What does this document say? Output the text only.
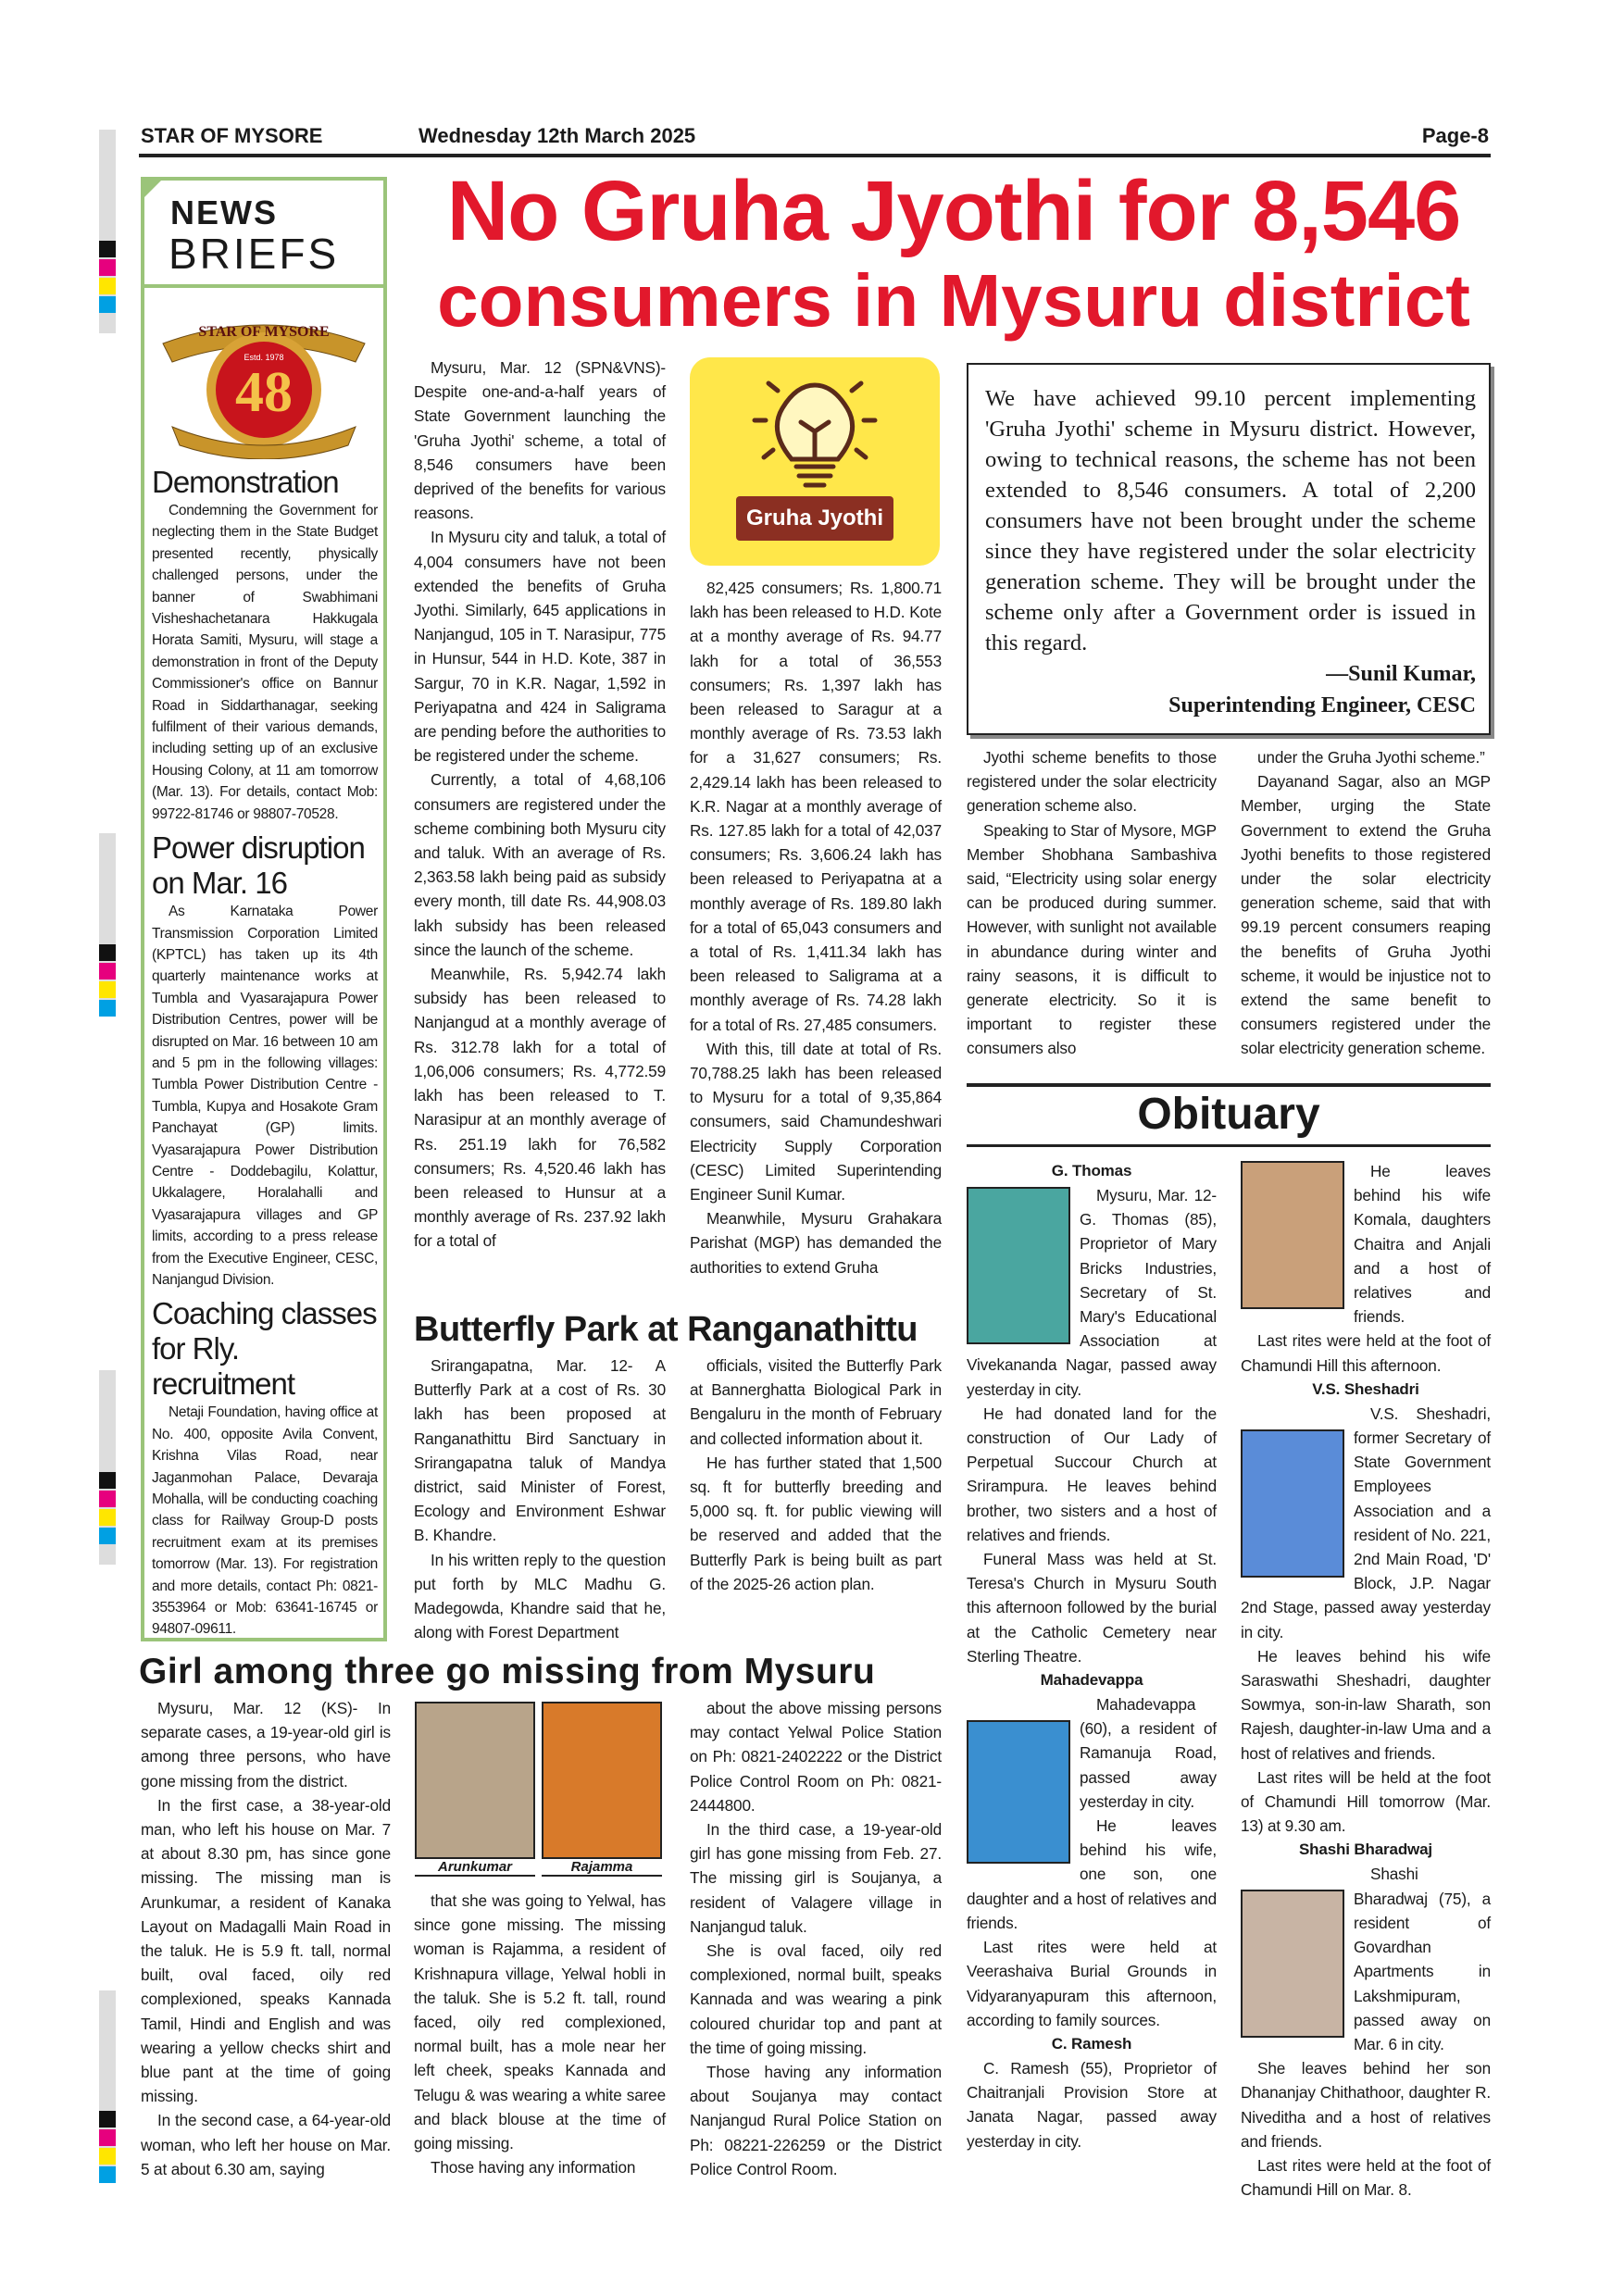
STAR OF MYSORE	Wednesday 12th March 2025	Page-8
NEWS
BRIEFS
48
Estd. 1978
STAR OF MYSORE
Demonstration

Condemning the Government for neglecting them in the State Budget presented recently, physically challenged persons, under the banner of Swabhimani Visheshachetanara Hakkugala Horata Samiti, Mysuru, will stage a demonstration in front of the Deputy Commissioner's office on Bannur Road in Siddarthanagar, seeking fulfilment of their various demands, including setting up of an exclusive Housing Colony, at 11 am tomorrow (Mar. 13). For details, contact Mob: 99722-81746 or 98807-70528.

Power disruption on Mar. 16

As Karnataka Power Transmission Corporation Limited (KPTCL) has taken up its 4th quarterly maintenance works at Tumbla and Vyasarajapura Power Distribution Centres, power will be disrupted on Mar. 16 between 10 am and 5 pm in the following villages: Tumbla Power Distribution Centre - Tumbla, Kupya and Hosakote Gram Panchayat (GP) limits. Vyasarajapura Power Distribution Centre - Doddebagilu, Kolattur, Ukkalagere, Horalahalli and Vyasarajapura villages and GP limits, according to a press release from the Executive Engineer, CESC, Nanjangud Division.

Coaching classes for Rly. recruitment

Netaji Foundation, having office at No. 400, opposite Avila Convent, Krishna Vilas Road, near Jaganmohan Palace, Devaraja Mohalla, will be conducting coaching class for Railway Group-D posts recruitment exam at its premises tomorrow (Mar. 13). For registration and more details, contact Ph: 0821-3553964 or Mob: 63641-16745 or 94807-09611.

No Gruha Jyothi for 8,546
consumers in Mysuru district

Mysuru, Mar. 12 (SPN&VNS)- Despite one-and-a-half years of State Government launching the 'Gruha Jyothi' scheme, a total of 8,546 consumers have been deprived of the benefits for various reasons.

In Mysuru city and taluk, a total of 4,004 consumers have not been extended the benefits of Gruha Jyothi. Similarly, 645 applications in Nanjangud, 105 in T. Narasipur, 775 in Hunsur, 544 in H.D. Kote, 387 in Sargur, 70 in K.R. Nagar, 1,592 in Periyapatna and 424 in Saligrama are pending before the authorities to be registered under the scheme.

Currently, a total of 4,68,106 consumers are registered under the scheme combining both Mysuru city and taluk. With an average of Rs. 2,363.58 lakh being paid as subsidy every month, till date Rs. 44,908.03 lakh subsidy has been released since the launch of the scheme.

Meanwhile, Rs. 5,942.74 lakh subsidy has been released to Nanjangud at a monthly average of Rs. 312.78 lakh for a total of 1,06,006 consumers; Rs. 4,772.59 lakh has been released to T. Narasipur at an monthly average of Rs. 251.19 lakh for 76,582 consumers; Rs. 4,520.46 lakh has been released to Hunsur at a monthly average of Rs. 237.92 lakh for a total of

Gruha Jyothi

82,425 consumers; Rs. 1,800.71 lakh has been released to H.D. Kote at a monthy average of Rs. 94.77 lakh for a total of 36,553 consumers; Rs. 1,397 lakh has been released to Saragur at a monthly average of Rs. 73.53 lakh for a 31,627 consumers; Rs. 2,429.14 lakh has been released to K.R. Nagar at a monthly average of Rs. 127.85 lakh for a total of 42,037 consumers; Rs. 3,606.24 lakh has been released to Periyapatna at a monthly average of Rs. 189.80 lakh for a total of 65,043 consumers and a total of Rs. 1,411.34 lakh has been released to Saligrama at a monthly average of Rs. 74.28 lakh for a total of Rs. 27,485 consumers.

With this, till date at total of Rs. 70,788.25 lakh has been released to Mysuru for a total of 9,35,864 consumers, said Chamundeshwari Electricity Supply Corporation (CESC) Limited Superintending Engineer Sunil Kumar.

Meanwhile, Mysuru Grahakara Parishat (MGP) has demanded the authorities to extend Gruha

We have achieved 99.10 percent implementing 'Gruha Jyothi' scheme in Mysuru district. However, owing to technical reasons, the scheme has not been extended to 8,546 consumers. A total of 2,200 consumers have not been brought under the scheme since they have registered under the solar electricity generation scheme. They will be brought under the scheme only after a Government order is issued in this regard.
—Sunil Kumar,
Superintending Engineer, CESC

Jyothi scheme benefits to those registered under the solar electricity generation scheme also.

Speaking to Star of Mysore, MGP Member Shobhana Sambashiva said, “Electricity using solar energy can be produced during summer. However, with sunlight not available in abundance during winter and rainy seasons, it is difficult to generate electricity. So it is important to register these consumers also

under the Gruha Jyothi scheme.”

Dayanand Sagar, also an MGP Member, urging the State Government to extend the Gruha Jyothi benefits to those registered under the solar electricity generation scheme, said that with 99.19 percent consumers reaping the benefits of Gruha Jyothi scheme, it would be injustice not to extend the same benefit to consumers registered under the solar electricity generation scheme.

Butterfly Park at Ranganathittu

Srirangapatna, Mar. 12- A Butterfly Park at a cost of Rs. 30 lakh has been proposed at Ranganathittu Bird Sanctuary in Srirangapatna taluk of Mandya district, said Minister of Forest, Ecology and Environment Eshwar B. Khandre.

In his written reply to the question put forth by MLC Madhu G. Madegowda, Khandre said that he, along with Forest Department

officials, visited the Butterfly Park at Bannerghatta Biological Park in Bengaluru in the month of February and collected information about it.

He has further stated that 1,500 sq. ft for butterfly breeding and 5,000 sq. ft. for public viewing will be reserved and added that the Butterfly Park is being built as part of the 2025-26 action plan.

Girl among three go missing from Mysuru

Mysuru, Mar. 12 (KS)- In separate cases, a 19-year-old girl is among three persons, who have gone missing from the district.

In the first case, a 38-year-old man, who left his house on Mar. 7 at about 8.30 pm, has since gone missing. The missing man is Arunkumar, a resident of Kanaka Layout on Madagalli Main Road in the taluk. He is 5.9 ft. tall, normal built, oval faced, oily red complexioned, speaks Kannada Tamil, Hindi and English and was wearing a yellow checks shirt and blue pant at the time of going missing.

In the second case, a 64-year-old woman, who left her house on Mar. 5 at about 6.30 am, saying

Arunkumar	Rajamma

that she was going to Yelwal, has since gone missing. The missing woman is Rajamma, a resident of Krishnapura village, Yelwal hobli in the taluk. She is 5.2 ft. tall, round faced, oily red complexioned, normal built, has a mole near her left cheek, speaks Kannada and Telugu & was wearing a white saree and black blouse at the time of going missing.

Those having any information

about the above missing persons may contact Yelwal Police Station on Ph: 0821-2402222 or the District Police Control Room on Ph: 0821-2444800.

In the third case, a 19-year-old girl has gone missing from Feb. 27. The missing girl is Soujanya, a resident of Valagere village in Nanjangud taluk.

She is oval faced, oily red complexioned, normal built, speaks Kannada and was wearing a pink coloured churidar top and pant at the time of going missing.

Those having any information about Soujanya may contact Nanjangud Rural Police Station on Ph: 08221-226259 or the District Police Control Room.

Obituary
G. Thomas

Mysuru, Mar. 12- G. Thomas (85), Proprietor of Mary Bricks Industries, Secretary of St. Mary's Educational Association at Vivekananda Nagar, passed away yesterday in city.

He had donated land for the construction of Our Lady of Perpetual Succour Church at Srirampura. He leaves behind brother, two sisters and a host of relatives and friends.

Funeral Mass was held at St. Teresa's Church in Mysuru South this afternoon followed by the burial at the Catholic Cemetery near Sterling Theatre.

Mahadevappa

Mahadevappa (60), a resident of Ramanuja Road, passed away yesterday in city.

He leaves behind his wife, one son, one daughter and a host of relatives and friends.

Last rites were held at Veerashaiva Burial Grounds in Vidyaranyapuram this afternoon, according to family sources.

C. Ramesh

C. Ramesh (55), Proprietor of Chaitranjali Provision Store at Janata Nagar, passed away yesterday in city.

He leaves behind his wife Komala, daughters Chaitra and Anjali and a host of relatives and friends.

Last rites were held at the foot of Chamundi Hill this afternoon.

V.S. Sheshadri

V.S. Sheshadri, former Secretary of State Government Employees Association and a resident of No. 221, 2nd Main Road, 'D' Block, J.P. Nagar 2nd Stage, passed away yesterday in city.

He leaves behind his wife Saraswathi Sheshadri, daughter Sowmya, son-in-law Sharath, son Rajesh, daughter-in-law Uma and a host of relatives and friends.

Last rites will be held at the foot of Chamundi Hill tomorrow (Mar. 13) at 9.30 am.

Shashi Bharadwaj

Shashi Bharadwaj (75), a resident of Govardhan Apartments in Lakshmipuram, passed away on Mar. 6 in city.

She leaves behind her son Dhananjay Chithathoor, daughter R. Niveditha and a host of relatives and friends.

Last rites were held at the foot of Chamundi Hill on Mar. 8.
